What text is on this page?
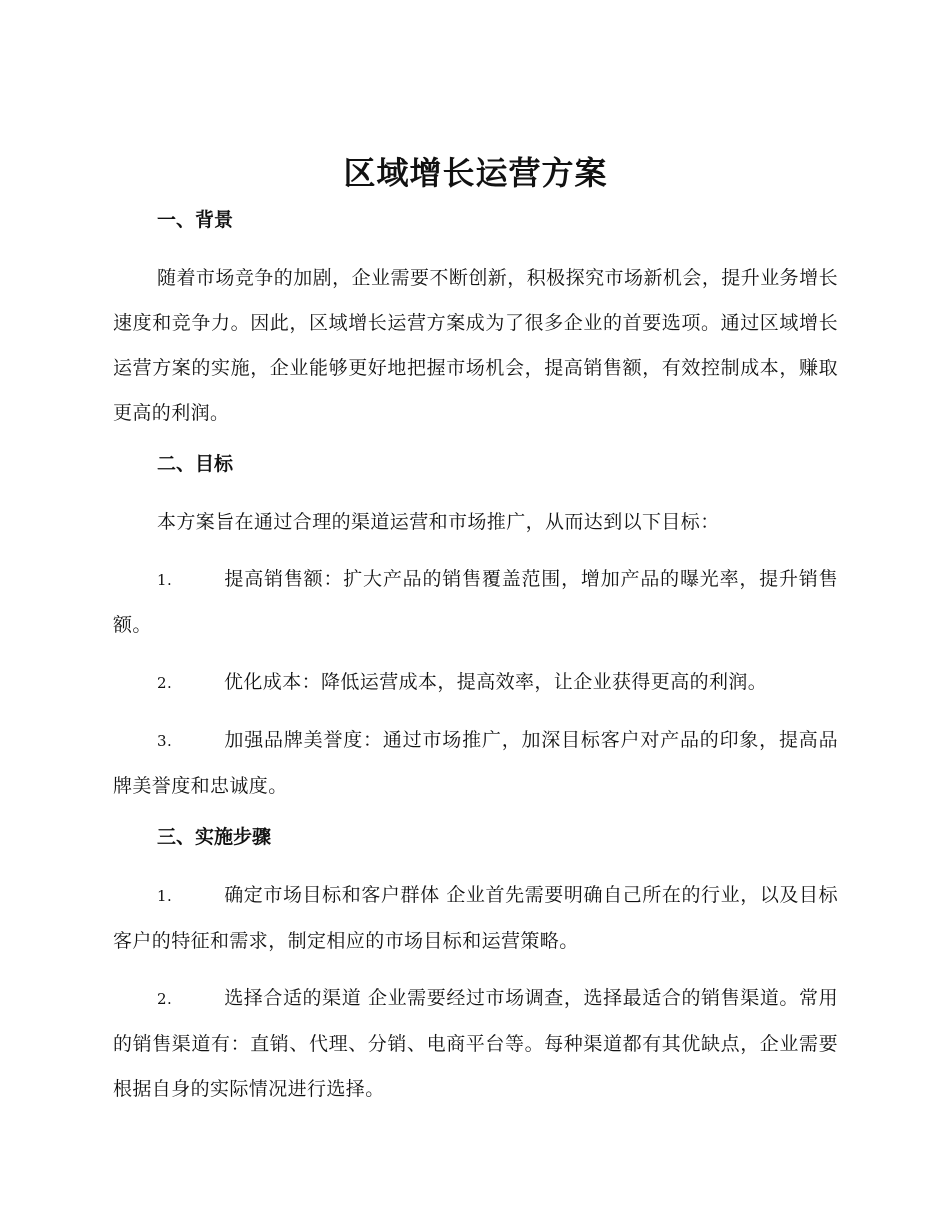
区域增长运营方案
一、背景

随着市场竞争的加剧，企业需要不断创新，积极探究市场新机会，提升业务增长速度和竞争力。因此，区域增长运营方案成为了很多企业的首要选项。通过区域增长运营方案的实施，企业能够更好地把握市场机会，提高销售额，有效控制成本，赚取更高的利润。

二、目标

本方案旨在通过合理的渠道运营和市场推广，从而达到以下目标：

1.	提高销售额：扩大产品的销售覆盖范围，增加产品的曝光率，提升销售额。

2.	优化成本：降低运营成本，提高效率，让企业获得更高的利润。

3.	加强品牌美誉度：通过市场推广，加深目标客户对产品的印象，提高品牌美誉度和忠诚度。

三、实施步骤

1.	确定市场目标和客户群体 企业首先需要明确自己所在的行业，以及目标客户的特征和需求，制定相应的市场目标和运营策略。

2.	选择合适的渠道 企业需要经过市场调查，选择最适合的销售渠道。常用的销售渠道有：直销、代理、分销、电商平台等。每种渠道都有其优缺点，企业需要根据自身的实际情况进行选择。
